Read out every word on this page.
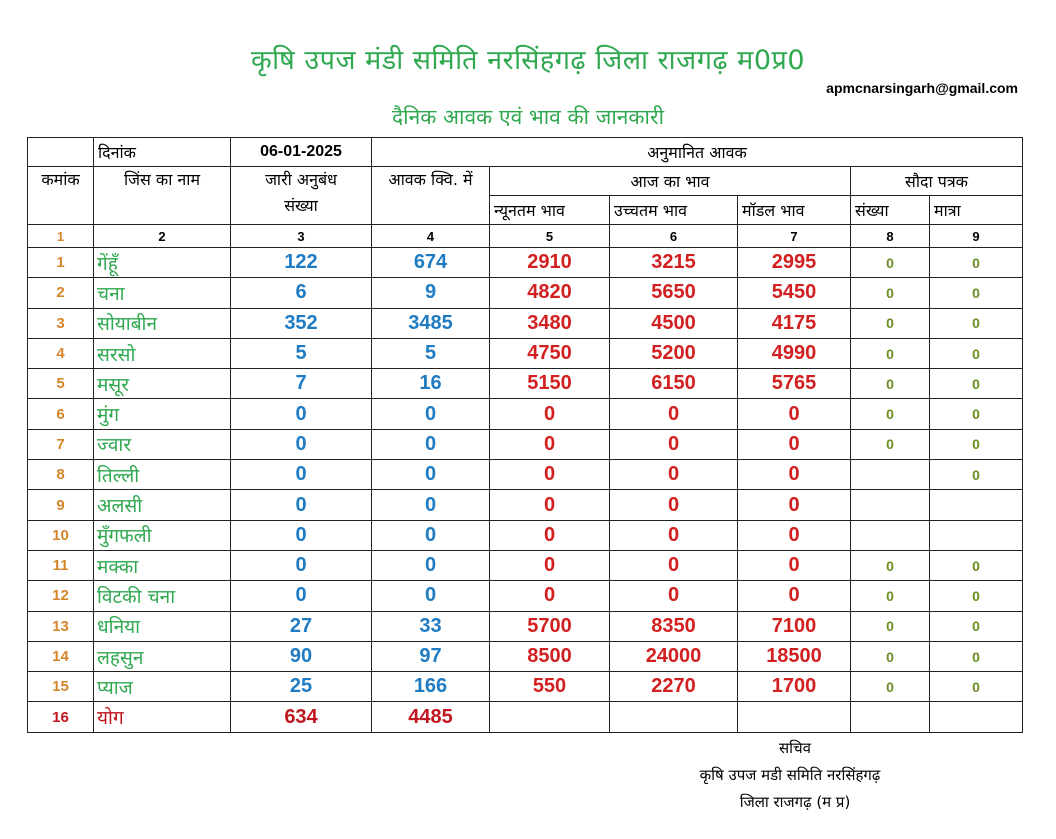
कृषि उपज मंडी समिति नरसिंहगढ़ जिला राजगढ़ म0प्र0
apmcnarsingarh@gmail.com
दैनिक आवक एवं भाव की जानकारी
	दिनांक	06-01-2025	अनुमानित आवक					
कमांक	जिंस का नाम	जारी अनुबंध संख्या	आवक क्वि. में	आज का भाव			सौदा पत्रक	
				न्यूनतम भाव	उच्चतम भाव	मॉडल भाव	संख्या	मात्रा
1	2	3	4	5	6	7	8	9
1	गेंहूँ	122	674	2910	3215	2995	0	0
2	चना	6	9	4820	5650	5450	0	0
3	सोयाबीन	352	3485	3480	4500	4175	0	0
4	सरसो	5	5	4750	5200	4990	0	0
5	मसूर	7	16	5150	6150	5765	0	0
6	मुंग	0	0	0	0	0	0	0
7	ज्वार	0	0	0	0	0	0	0
8	तिल्ली	0	0	0	0	0		0
9	अलसी	0	0	0	0	0		
10	मुँगफली	0	0	0	0	0		
11	मक्का	0	0	0	0	0	0	0
12	विटकी चना	0	0	0	0	0	0	0
13	धनिया	27	33	5700	8350	7100	0	0
14	लहसुन	90	97	8500	24000	18500	0	0
15	प्याज	25	166	550	2270	1700	0	0
16	योग	634	4485					
सचिव
कृषि उपज मडी समिति नरसिंहगढ़
जिला राजगढ़ (म प्र)
